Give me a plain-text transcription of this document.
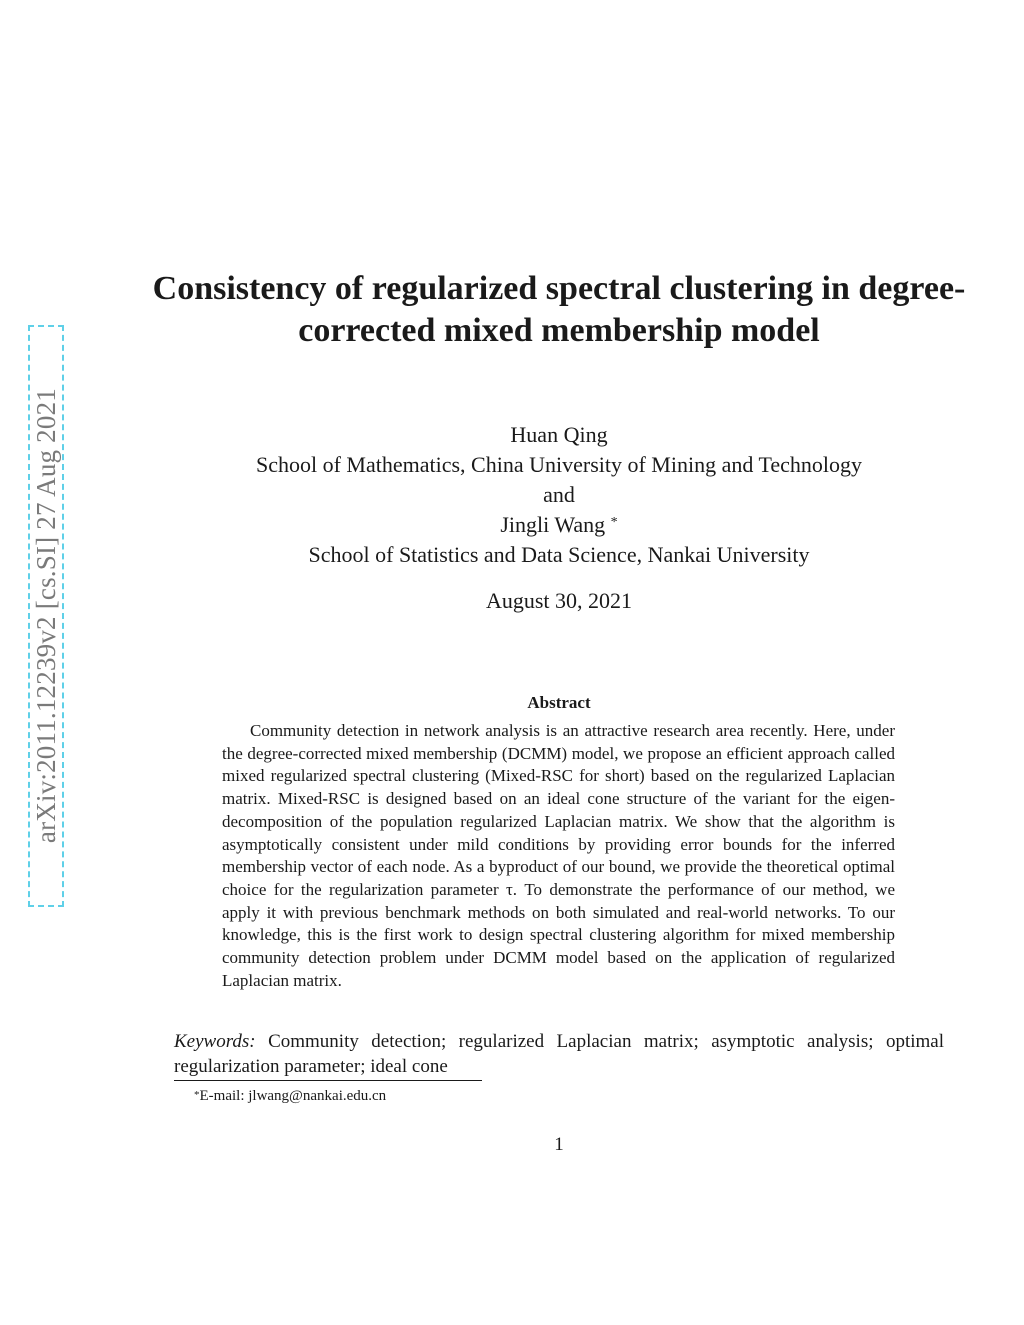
arXiv:2011.12239v2 [cs.SI] 27 Aug 2021
Consistency of regularized spectral clustering in degree-corrected mixed membership model
Huan Qing
School of Mathematics, China University of Mining and Technology
and
Jingli Wang *
School of Statistics and Data Science, Nankai University
August 30, 2021
Abstract

Community detection in network analysis is an attractive research area recently. Here, under the degree-corrected mixed membership (DCMM) model, we propose an efficient approach called mixed regularized spectral clustering (Mixed-RSC for short) based on the regularized Laplacian matrix. Mixed-RSC is designed based on an ideal cone structure of the variant for the eigen-decomposition of the population regularized Laplacian matrix. We show that the algorithm is asymptotically consistent under mild conditions by providing error bounds for the inferred membership vector of each node. As a byproduct of our bound, we provide the theoretical optimal choice for the regularization parameter τ. To demonstrate the performance of our method, we apply it with previous benchmark methods on both simulated and real-world networks. To our knowledge, this is the first work to design spectral clustering algorithm for mixed membership community detection problem under DCMM model based on the application of regularized Laplacian matrix.

Keywords: Community detection; regularized Laplacian matrix; asymptotic analysis; optimal regularization parameter; ideal cone

*E-mail: jlwang@nankai.edu.cn
1
